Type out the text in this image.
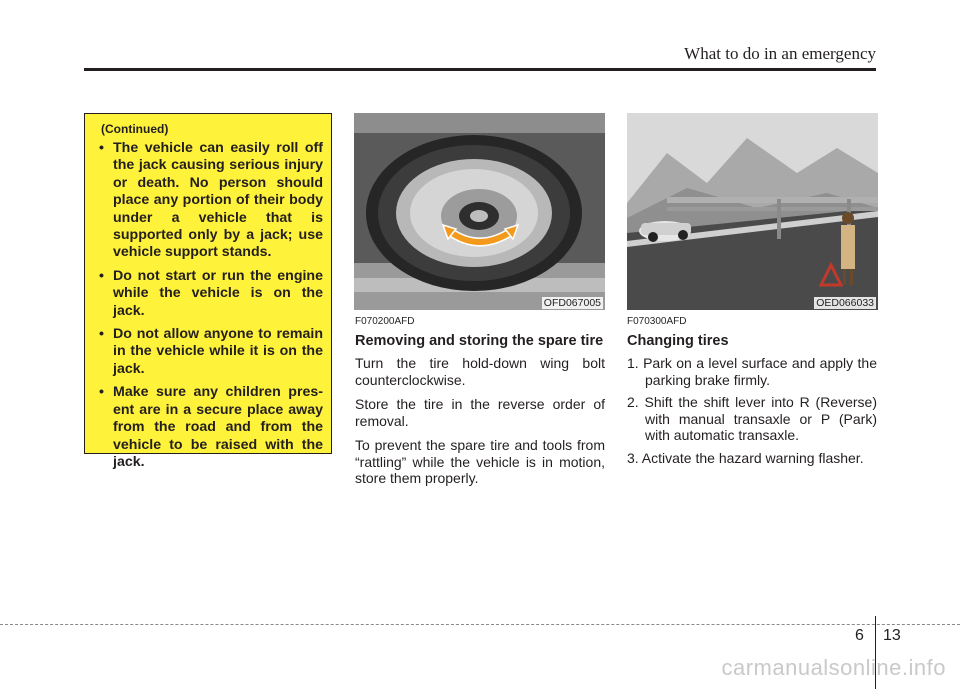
What to do in an emergency
(Continued)
• The vehicle can easily roll off the jack causing serious injury or death. No person should place any portion of their body under a vehicle that is supported only by a jack; use vehicle support stands.
• Do not start or run the engine while the vehicle is on the jack.
• Do not allow anyone to remain in the vehicle while it is on the jack.
• Make sure any children present are in a secure place away from the road and from the vehicle to be raised with the jack.
OFD067005	OED066033
F070200AFD
Removing and storing the spare tire

Turn the tire hold-down wing bolt counterclockwise.

Store the tire in the reverse order of removal.

To prevent the spare tire and tools from “rattling” while the vehicle is in motion, store them properly.

F070300AFD
Changing tires
1. Park on a level surface and apply the parking brake firmly.
2. Shift the shift lever into R (Reverse) with manual transaxle or P (Park) with automatic transaxle.
3. Activate the hazard warning flasher.
6 13
carmanualsonline.info
